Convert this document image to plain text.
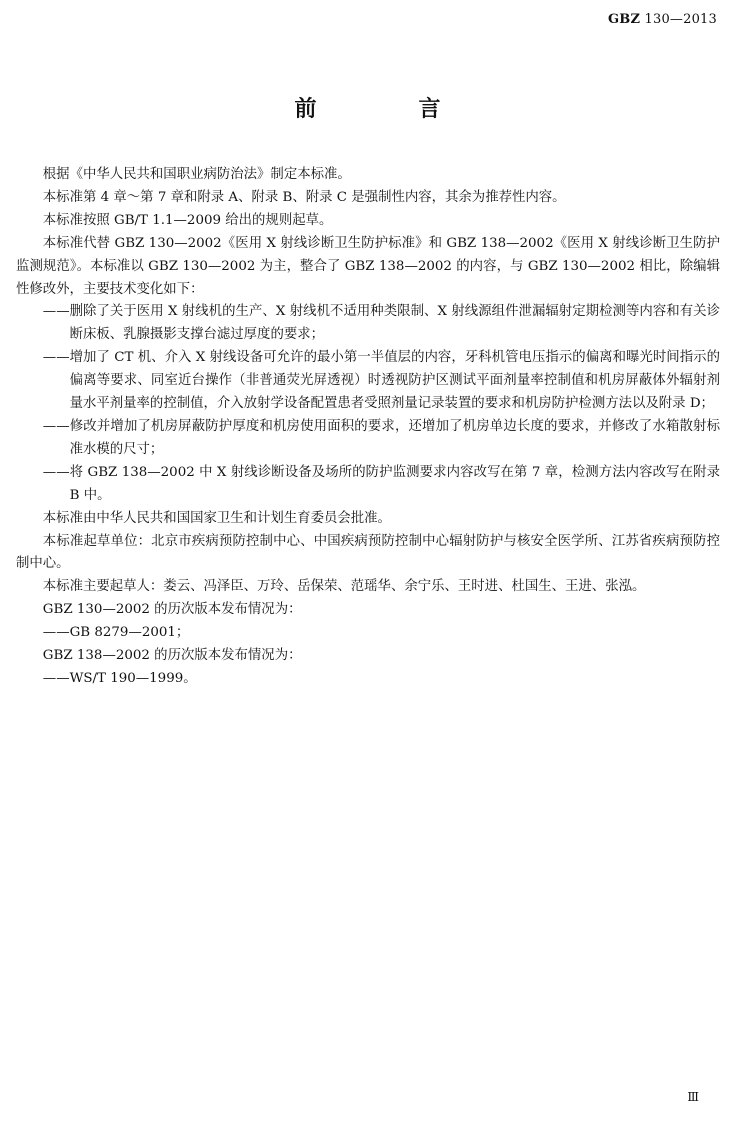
GBZ 130—2013
前　言

根据《中华人民共和国职业病防治法》制定本标准。

本标准第 4 章～第 7 章和附录 A、附录 B、附录 C 是强制性内容，其余为推荐性内容。

本标准按照 GB/T 1.1—2009 给出的规则起草。

本标准代替 GBZ 130—2002《医用 X 射线诊断卫生防护标准》和 GBZ 138—2002《医用 X 射线诊断卫生防护监测规范》。本标准以 GBZ 130—2002 为主，整合了 GBZ 138—2002 的内容，与 GBZ 130—2002 相比，除编辑性修改外，主要技术变化如下：

——删除了关于医用 X 射线机的生产、X 射线机不适用种类限制、X 射线源组件泄漏辐射定期检测等内容和有关诊断床板、乳腺摄影支撑台滤过厚度的要求；

——增加了 CT 机、介入 X 射线设备可允许的最小第一半值层的内容，牙科机管电压指示的偏离和曝光时间指示的偏离等要求、同室近台操作（非普通荧光屏透视）时透视防护区测试平面剂量率控制值和机房屏蔽体外辐射剂量水平剂量率的控制值，介入放射学设备配置患者受照剂量记录装置的要求和机房防护检测方法以及附录 D；

——修改并增加了机房屏蔽防护厚度和机房使用面积的要求，还增加了机房单边长度的要求，并修改了水箱散射标准水模的尺寸；

——将 GBZ 138—2002 中 X 射线诊断设备及场所的防护监测要求内容改写在第 7 章，检测方法内容改写在附录 B 中。

本标准由中华人民共和国国家卫生和计划生育委员会批准。

本标准起草单位：北京市疾病预防控制中心、中国疾病预防控制中心辐射防护与核安全医学所、江苏省疾病预防控制中心。

本标准主要起草人：娄云、冯泽臣、万玲、岳保荣、范瑶华、余宁乐、王时进、杜国生、王进、张泓。

GBZ 130—2002 的历次版本发布情况为：

——GB 8279—2001；

GBZ 138—2002 的历次版本发布情况为：

——WS/T 190—1999。

Ⅲ
